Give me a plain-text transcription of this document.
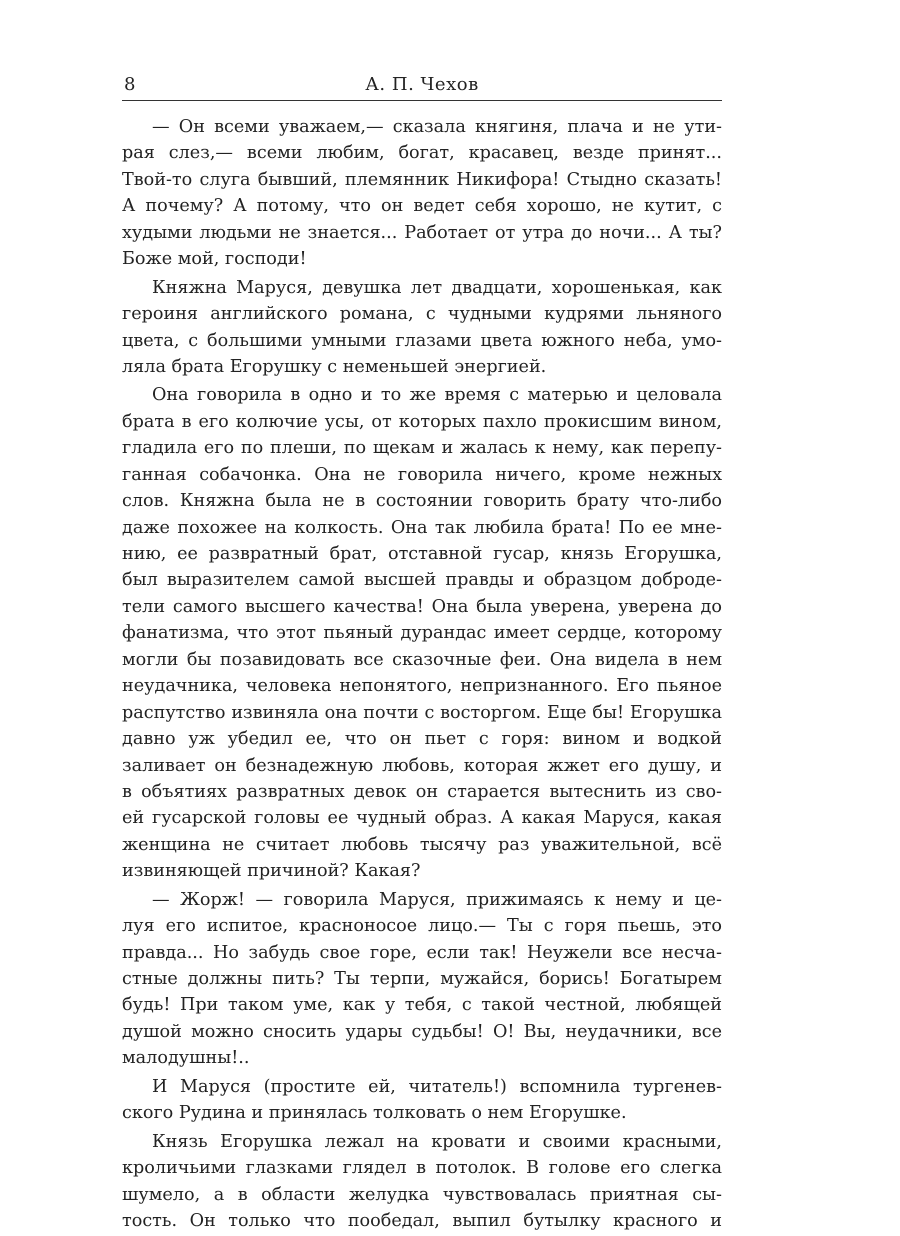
8	А. П. Чехов
— Он всеми уважаем,— сказала княгиня, плача и не ути-
рая слез,— всеми любим, богат, красавец, везде принят...
Твой-то слуга бывший, племянник Никифора! Стыдно сказать!
А почему? А потому, что он ведет себя хорошо, не кутит, с
худыми людьми не знается... Работает от утра до ночи... А ты?
Боже мой, господи!
Княжна Маруся, девушка лет двадцати, хорошенькая, как
героиня английского романа, с чудными кудрями льняного
цвета, с большими умными глазами цвета южного неба, умо-
ляла брата Егорушку с неменьшей энергией.
Она говорила в одно и то же время с матерью и целовала
брата в его колючие усы, от которых пахло прокисшим вином,
гладила его по плеши, по щекам и жалась к нему, как перепу-
ганная собачонка. Она не говорила ничего, кроме нежных
слов. Княжна была не в состоянии говорить брату что-либо
даже похожее на колкость. Она так любила брата! По ее мне-
нию, ее развратный брат, отставной гусар, князь Егорушка,
был выразителем самой высшей правды и образцом доброде-
тели самого высшего качества! Она была уверена, уверена до
фанатизма, что этот пьяный дурандас имеет сердце, которому
могли бы позавидовать все сказочные феи. Она видела в нем
неудачника, человека непонятого, непризнанного. Его пьяное
распутство извиняла она почти с восторгом. Еще бы! Егорушка
давно уж убедил ее, что он пьет с горя: вином и водкой
заливает он безнадежную любовь, которая жжет его душу, и
в объятиях развратных девок он старается вытеснить из сво-
ей гусарской головы ее чудный образ. А какая Маруся, какая
женщина не считает любовь тысячу раз уважительной, всё
извиняющей причиной? Какая?
— Жорж! — говорила Маруся, прижимаясь к нему и це-
луя его испитое, красноносое лицо.— Ты с горя пьешь, это
правда... Но забудь свое горе, если так! Неужели все несча-
стные должны пить? Ты терпи, мужайся, борись! Богатырем
будь! При таком уме, как у тебя, с такой честной, любящей
душой можно сносить удары судьбы! О! Вы, неудачники, все
малодушны!..
И Маруся (простите ей, читатель!) вспомнила тургенев-
ского Рудина и принялась толковать о нем Егорушке.
Князь Егорушка лежал на кровати и своими красными,
кроличьими глазками глядел в потолок. В голове его слегка
шумело, а в области желудка чувствовалась приятная сы-
тость. Он только что пообедал, выпил бутылку красного и
